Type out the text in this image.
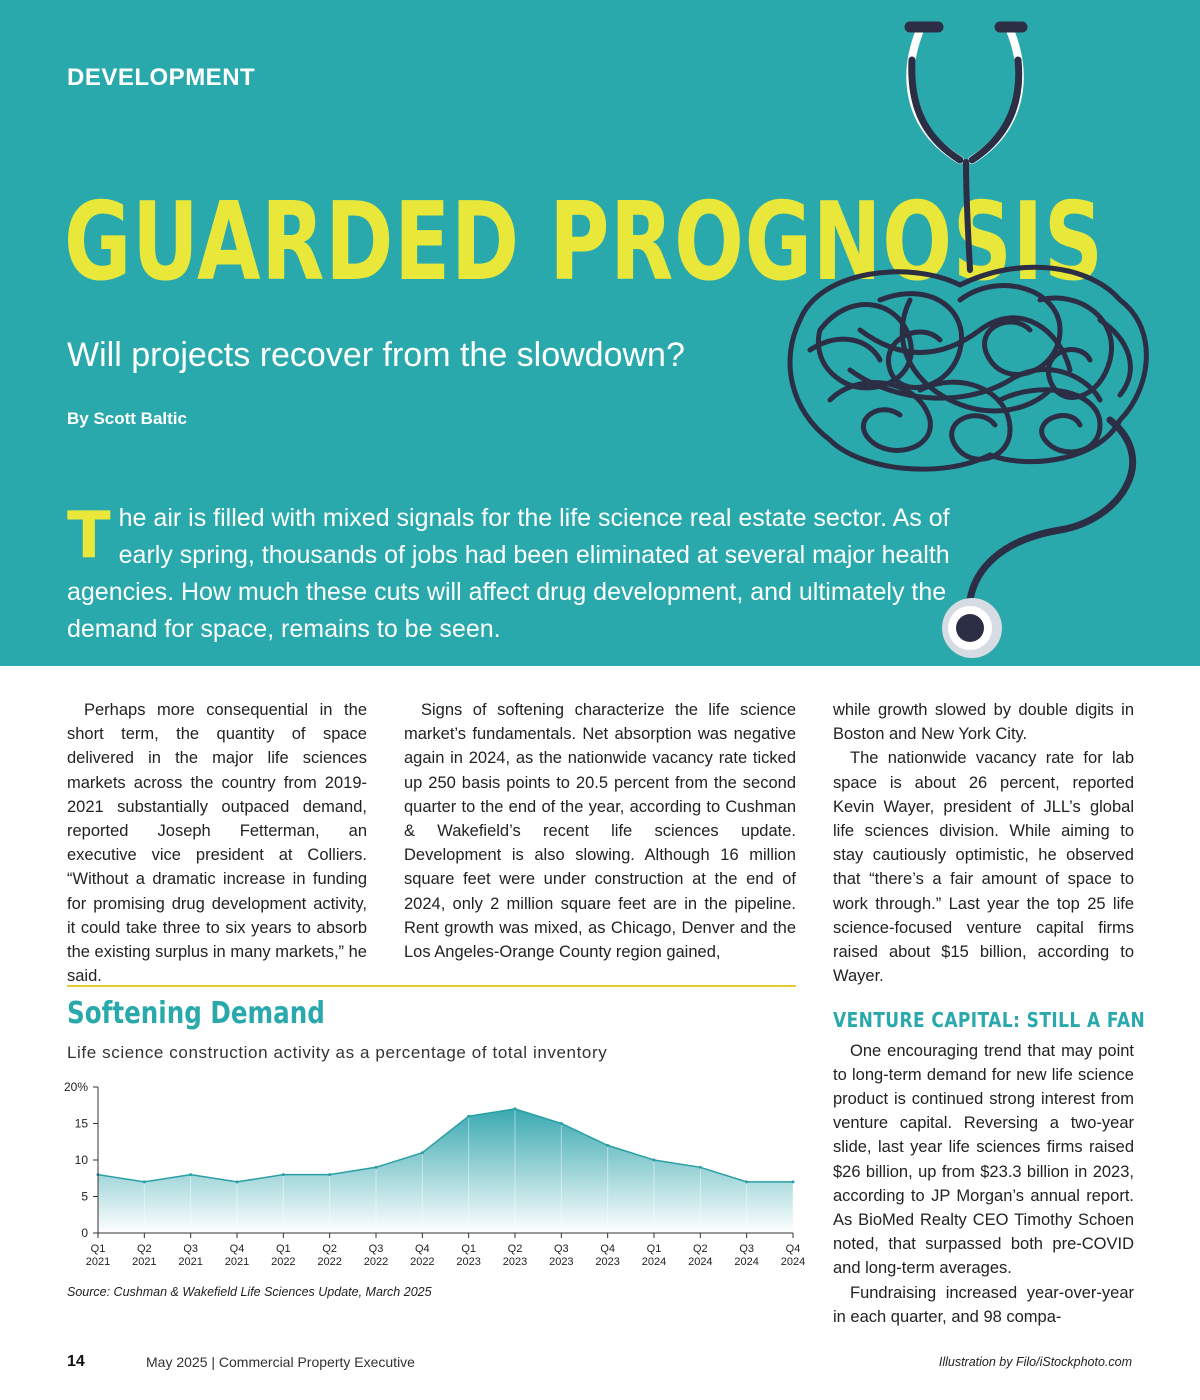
DEVELOPMENT
GUARDED PROGNOSIS
Will projects recover from the slowdown?
By Scott Baltic
The air is filled with mixed signals for the life science real estate sector. As of early spring, thousands of jobs had been eliminated at several major health agencies. How much these cuts will affect drug development, and ultimately the demand for space, remains to be seen.

Perhaps more consequential in the short term, the quantity of space delivered in the major life sciences markets across the country from 2019-2021 substantially outpaced demand, reported Joseph Fetterman, an executive vice president at Colliers. “Without a dramatic increase in funding for promising drug development activity, it could take three to six years to absorb the existing surplus in many markets,” he said.

Signs of softening characterize the life science market’s fundamentals. Net absorption was negative again in 2024, as the nationwide vacancy rate ticked up 250 basis points to 20.5 percent from the second quarter to the end of the year, according to Cushman & Wakefield’s recent life sciences update. Development is also slowing. Although 16 million square feet were under construction at the end of 2024, only 2 million square feet are in the pipeline. Rent growth was mixed, as Chicago, Denver and the Los Angeles-Orange County region gained,

while growth slowed by double digits in Boston and New York City.

The nationwide vacancy rate for lab space is about 26 percent, reported Kevin Wayer, president of JLL’s global life sciences division. While aiming to stay cautiously optimistic, he observed that “there’s a fair amount of space to work through.” Last year the top 25 life science-focused venture capital firms raised about $15 billion, according to Wayer.

VENTURE CAPITAL: STILL A FAN

One encouraging trend that may point to long-term demand for new life science product is continued strong interest from venture capital. Reversing a two-year slide, last year life sciences firms raised $26 billion, up from $23.3 billion in 2023, according to JP Morgan’s annual report. As BioMed Realty CEO Timothy Schoen noted, that surpassed both pre-COVID and long-term averages.

Fundraising increased year-over-year in each quarter, and 98 compa-

Softening Demand
Life science construction activity as a percentage of total inventory
0
5
10
15
20%
Q1
2021
Q2
2021
Q3
2021
Q4
2021
Q1
2022
Q2
2022
Q3
2022
Q4
2022
Q1
2023
Q2
2023
Q3
2023
Q4
2023
Q1
2024
Q2
2024
Q3
2024
Q4
2024
Source: Cushman & Wakefield Life Sciences Update, March 2025
14	May 2025 | Commercial Property Executive	Illustration by Filo/iStockphoto.com
